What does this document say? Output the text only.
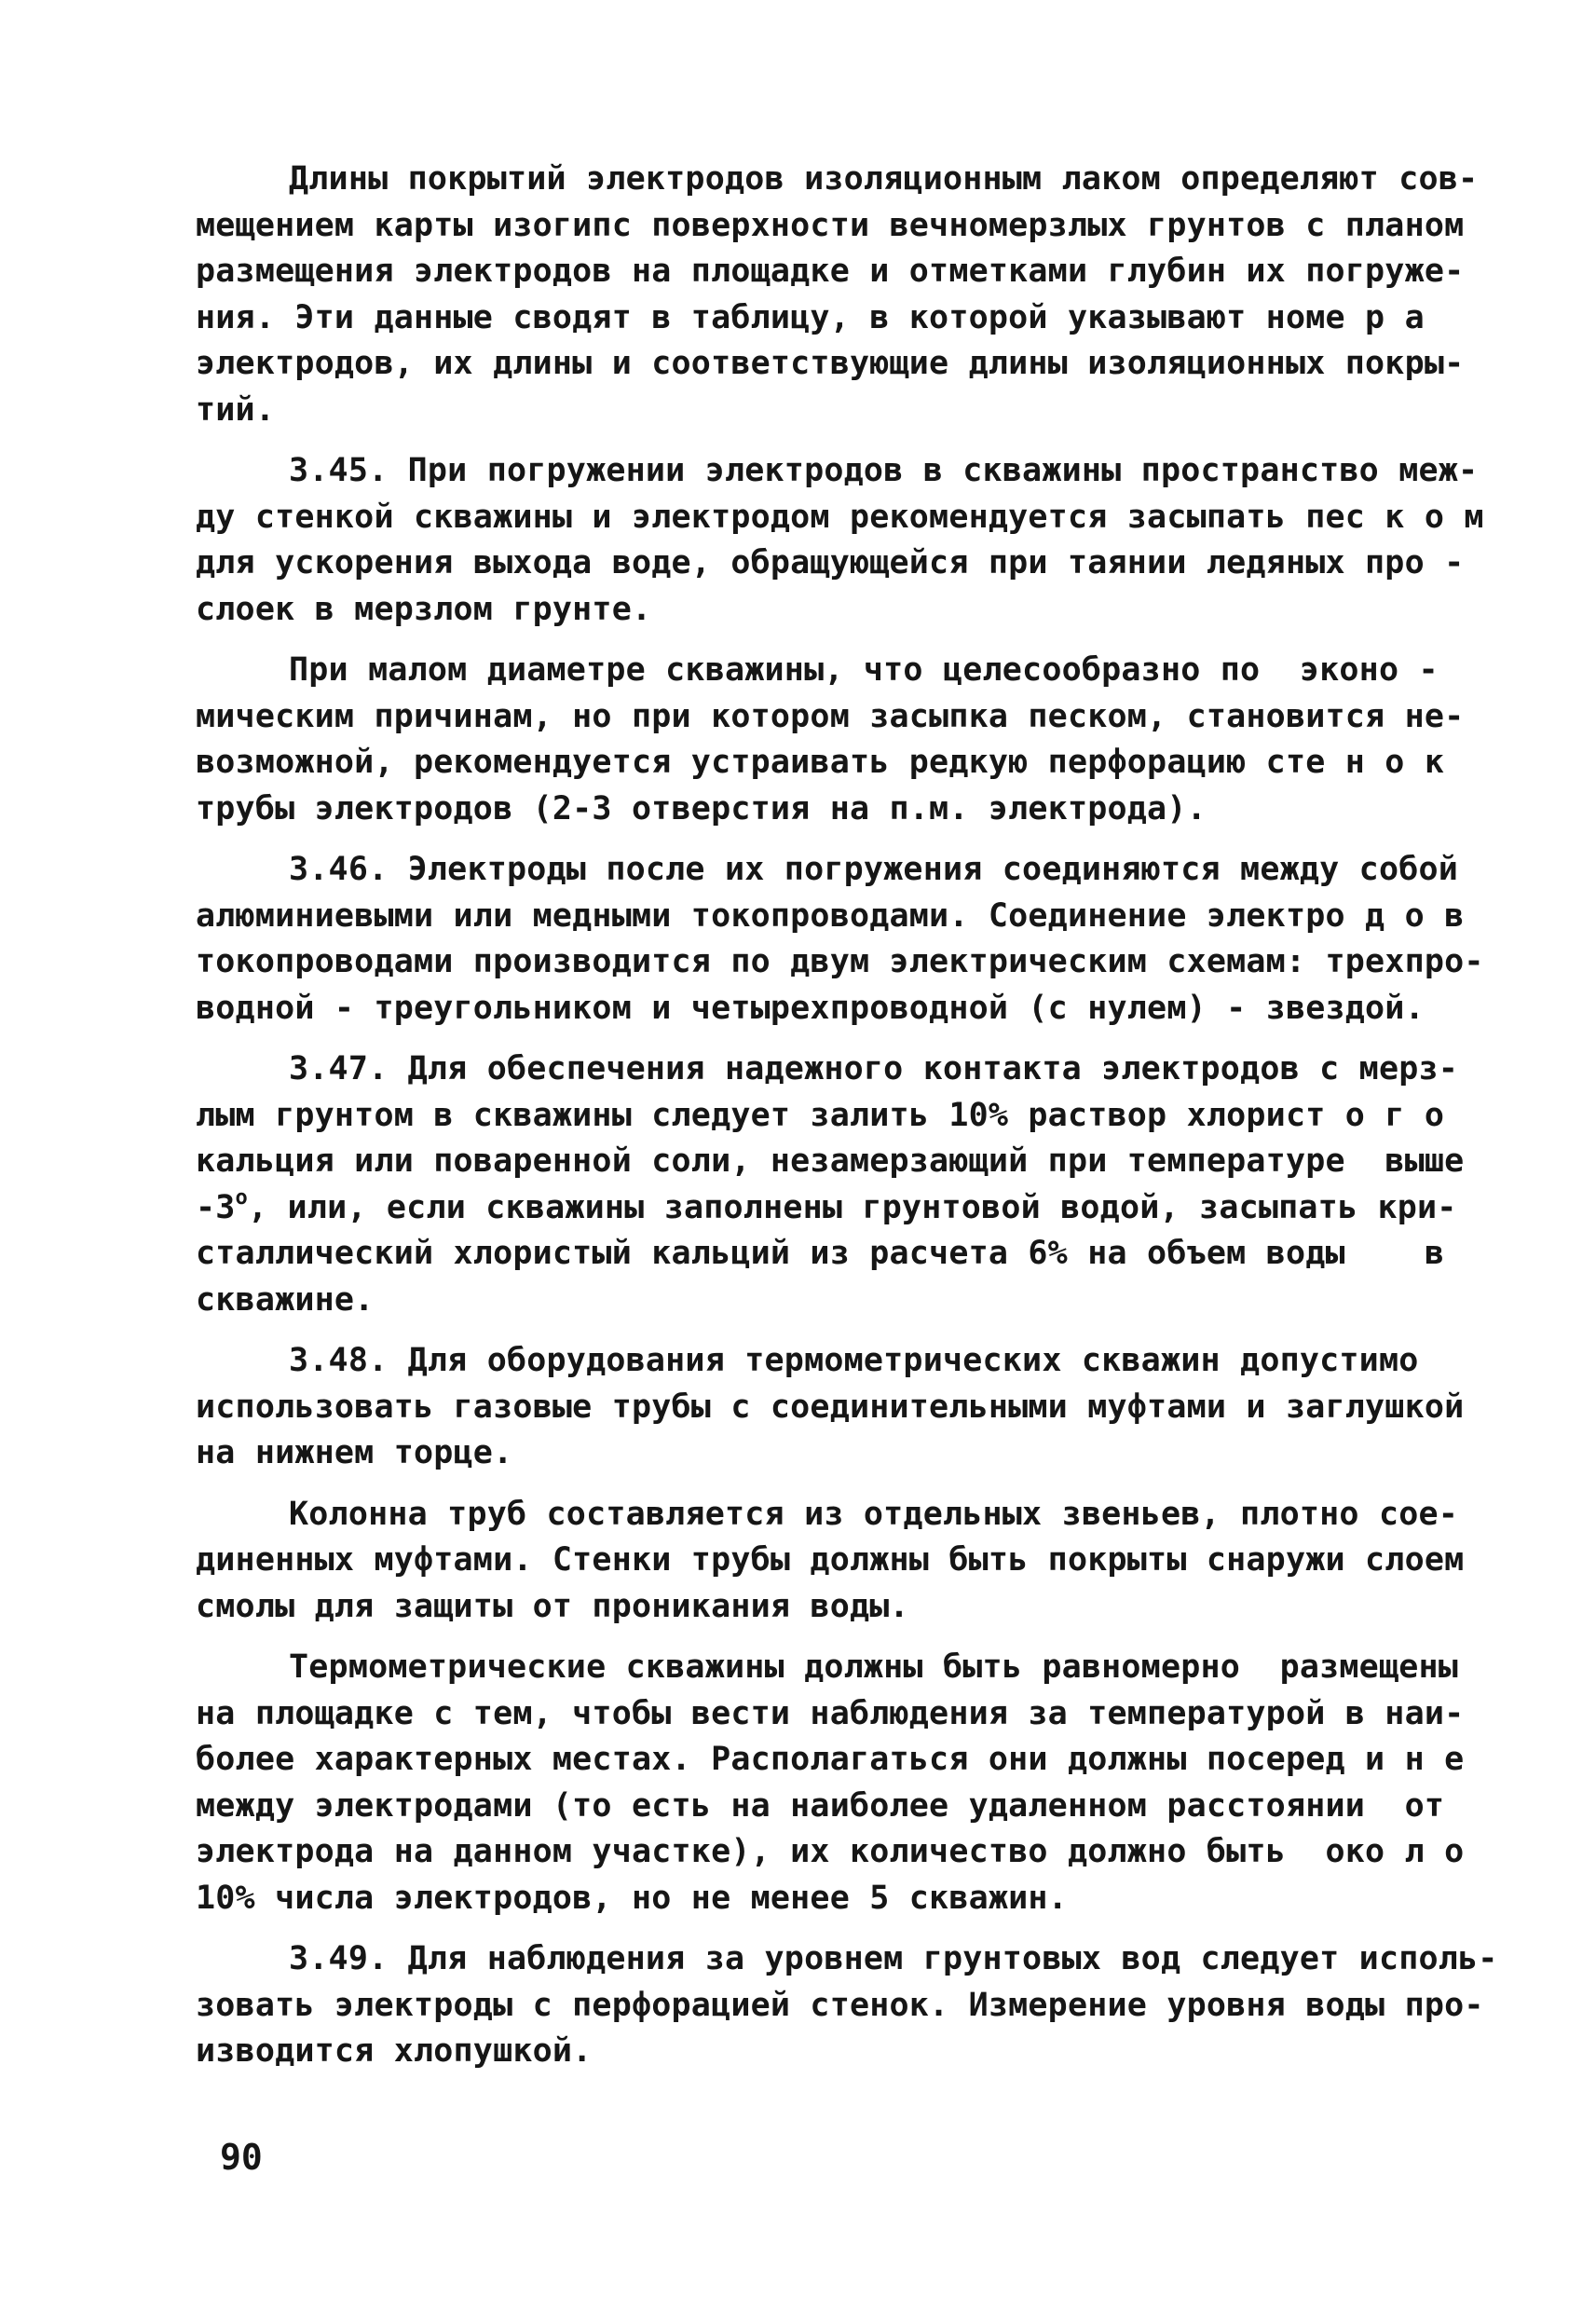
Длины покрытий электродов изоляционным лаком определяют сов-
мещением карты изогипс поверхности вечномерзлых грунтов с планом
размещения электродов на площадке и отметками глубин их погруже-
ния. Эти данные сводят в таблицу, в которой указывают номе р а
электродов, их длины и соответствующие длины изоляционных покры-
тий.
3.45. При погружении электродов в скважины пространство меж-
ду стенкой скважины и электродом рекомендуется засыпать пес к о м
для ускорения выхода воде, обращующейся при таянии ледяных про -
слоек в мерзлом грунте.
При малом диаметре скважины, что целесообразно по  эконо -
мическим причинам, но при котором засыпка песком, становится не-
возможной, рекомендуется устраивать редкую перфорацию сте н о к
трубы электродов (2-3 отверстия на п.м. электрода).
3.46. Электроды после их погружения соединяются между собой
алюминиевыми или медными токопроводами. Соединение электро д о в
токопроводами производится по двум электрическим схемам: трехпро-
водной - треугольником и четырехпроводной (с нулем) - звездой.
3.47. Для обеспечения надежного контакта электродов с мерз-
лым грунтом в скважины следует залить 10% раствор хлорист о г о
кальция или поваренной соли, незамерзающий при температуре  выше
$-3^о$, или, если скважины заполнены грунтовой водой, засыпать кри-
сталлический хлористый кальций из расчета 6% на объем воды    в
скважине.
3.48. Для оборудования термометрических скважин допустимо
использовать газовые трубы с соединительными муфтами и заглушкой
на нижнем торце.
Колонна труб составляется из отдельных звеньев, плотно сое-
диненных муфтами. Стенки трубы должны быть покрыты снаружи слоем
смолы для защиты от проникания воды.
Термометрические скважины должны быть равномерно  размещены
на площадке с тем, чтобы вести наблюдения за температурой в наи-
более характерных местах. Располагаться они должны посеред и н е
между электродами (то есть на наиболее удаленном расстоянии  от
электрода на данном участке), их количество должно быть  око л о
10% числа электродов, но не менее 5 скважин.
3.49. Для наблюдения за уровнем грунтовых вод следует исполь-
зовать электроды с перфорацией стенок. Измерение уровня воды про-
изводится хлопушкой.
90
